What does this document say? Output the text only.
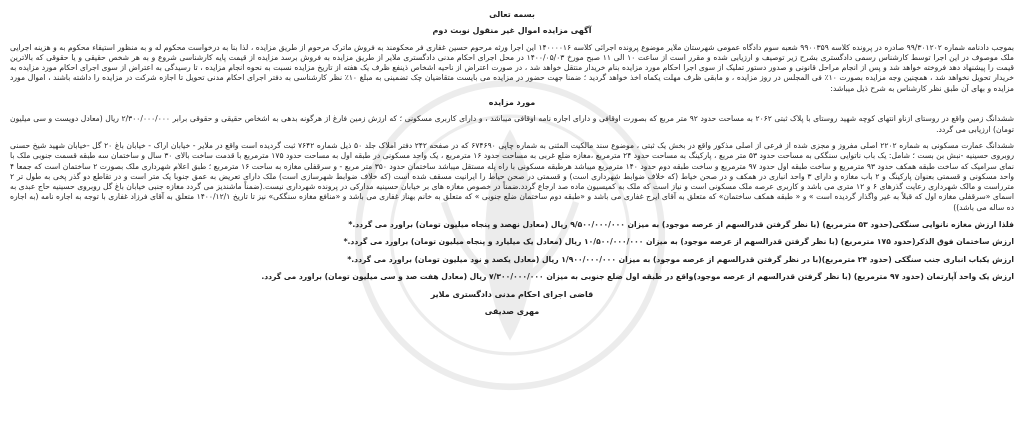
بسمه تعالی
آگهی مزایده اموال غیر منقول نوبت دوم
بموجب دادنامه شماره ۹۹/۳۰۱۲۰۲ صادره در پرونده کلاسه ۹۹۰۰۳۵۹ شعبه سوم دادگاه عمومی شهرستان ملایر موضوع پرونده اجرائی کلاسه ۱۴۰۰۰۰۱۶ این اجرا ورثه مرحوم حسین غفاری فر محکومند به فروش ماترک مرحوم از طریق مزایده ، لذا بنا به درخواست محکوم له و به منظور استیفاء محکوم به و هزینه اجرایی ملک موصوف در این اجرا توسط کارشناس رسمی دادگستری بشرح زیر توصیف و ارزیابی شده و مقرر است از ساعت ۱۰ الی ۱۱ صبح مورخ ۱۴۰۰/۰۵/۰۳ در محل اجرای احکام مدنی دادگستری ملایر از طریق مزایده به فروش برسد مزایده از قیمت پایه کارشناسی شروع و به هر شخص حقیقی و یا حقوقی که بالاترین قیمت را پیشنهاد دهد فروخته خواهد شد و پس از انجام مراحل قانونی و صدور دستور تملیک از سوی اجرا احکام مورد مزایده بنام خریدار منتقل خواهد شد ، در صورت اعتراض از ناحیه اشخاص ذینفع ظرف یک هفته از تاریخ مزایده نسبت به نحوه انجام مزایده ، تا رسیدگی به اعتراض از سوی اجرای احکام مورد مزایده به خریدار تحویل نخواهد شد ، همچنین وجه مزایده بصورت ۱۰٪ فی المجلس در روز مزایده ، و مابقی ظرف مهلت یکماه اخذ خواهد گردید ؛ ضمنا جهت حضور در مزایده می بایست متقاضیان چک تضمینی به مبلغ ۱۰٪ نظر کارشناسی به دفتر اجرای احکام مدنی تحویل تا اجازه شرکت در مزایده را داشته باشند ، اموال مورد مزایده و بهای آن طبق نظر کارشناس به شرح ذیل میباشد:
مورد مزایده
ششدانگ زمین واقع در روستای ازناو انتهای کوچه شهید روستای با پلاک ثبتی ۲۰۶۲ به مساحت حدود ۹۲ متر مربع که بصورت اوقافی و دارای اجاره نامه اوقافی میباشد ، و دارای کاربری مسکونی ؛ که ارزش زمین فارغ از هرگونه بدهی به اشخاص حقیقی و حقوقی برابر ۲/۳۰۰/۰۰۰/۰۰۰ ریال (معادل دویست و سی میلیون تومان) ارزیابی می گردد.
ششدانگ عمارت مسکونی به شماره ۲۲۰۲ اصلی مفروز و مجزی شده از فرعی از اصلی مذکور واقع در بخش یک ثبتی ، موضوع سند مالکیت المثنی به شماره چاپی ۶۷۴۶۹۰ که در صفحه ۲۴۲ دفتر املاک جلد ۵۰ ذیل شماره ۷۶۴۲ ثبت گردیده است واقع در ملایر - خیابان اراک - خیابان باغ ۲۰ گل -خیابان شهید شیخ حسنی روبروی حسینیه -نبش بن بست ؛ شامل: یک باب ناتوایی سنگکی به مساحت حدود ۵۳ متر مربع ، پارکینگ به مساحت حدود ۲۴ مترمربع ،مغازه ضلع غربی به مساحت حدود ۱۶ مترمربع ، یک واحد مسکونی در طبقه اول به مساحت حدود ۱۷۵ مترمربع با قدمت ساخت بالای ۳۰ سال و ساختمان سه طبقه قسمت جنوبی ملک با نمای سرامیک که ساخت طبقه همکف حدود ۹۳ مترمربع و ساخت طبقه اول حدود ۹۷ مترمربع و ساخت طبقه دوم حدود ۱۴۰ مترمربع میباشد هرطبقه مسکونی با راه پله مستقل میباشد ساختمان حدود ۳۵۰ متر مربع - و سرقفلی مغازه به ساحت ۱۶ مترمربع ؛ طبق اعلام شهرداری ملک بصورت ۲ ساختمان است که جمعا ۴ واحد مسکونی و قسمتی بعنوان پارکینگ و ۲ باب مغازه و دارای ۳ واحد انباری در همکف و در صحن خیاط (که خلاف ضوابط شهرداری است) و قسمتی در صحن حیاط را ایرانیت مسقف شده است (که خلاف ضوابط شهرسازی است) ملک دارای تعریض به عمق جنوبا یک متر است و در تقاطع دو گذر پخی به طول تر ۲ مترراست و مالک شهرداری رعایت گذرهای ۶ و ۱۲ متری می باشد و کاربری عرصه ملک مسکونی است و نیاز است که ملک به کمیسیون ماده صد ارجاع گردد.ضمناً در خصوص مغازه های بر خیابان حسینیه مدارکی در پرونده شهرداری نیست.(ضمناً ماشندیز می گردد مغازه جنبی خیابان باغ گل روبروی حسینیه حاج عبدی به اسمای «سرقفلی مغازه اول که قبلاً به غیر واگذار گردیده است » و « طبقه همکف ساختمان» که متعلق به آقای ایرج غفاری می باشد و «طبقه دوم ساختمان ضلع جنوبی » که متعلق به خانم بهناز غفاری می باشد و «منافع مغازه سنگکی» نیز تا تاریخ ۱۴۰۰/۱۲/۱ متعلق به آقای فرزاد غفاری با توجه به اجاره نامه (به اجاره ده ساله می باشد))
فلذا ارزش مغازه نانوایی سنگکی(حدود ۵۳ مترمربع) (با نظر گرفتن قدرالسهم از عرصه موجود) به میزان ۹/۵۰۰/۰۰۰/۰۰۰ ریال (معادل نهصد و پنجاه میلیون تومان) براورد می گردد.*
ارزش ساختمان فوق الذکر(حدود ۱۷۵ مترمربع) (با نظر گرفتن قدرالسهم از عرصه موجود) به میزان ۱۰/۵۰۰/۰۰۰/۰۰۰ ریال (معادل یک میلیارد و پنجاه میلیون تومان) براورد می گردد.*
ارزش یکباب انباری جنب سنگکی (حدود ۲۴ مترمربع)(با در نظر گرفتن قدرالسهم از عرصه موجود) به میزان ۱/۹۰۰/۰۰۰/۰۰۰ ریال (معادل یکصد و نود میلیون تومان) براورد می گردد.*
ارزش یک واحد آپارتمان (حدود ۹۷ مترمربع) (با نظر گرفتن قدرالسهم از عرصه موجود)واقع در طبقه اول ضلع جنوبی به میزان ۷/۳۰۰/۰۰۰/۰۰۰ ریال (معادل هفت صد و سی میلیون تومان) براورد می گردد.
قاضی اجرای احکام مدنی دادگستری ملایر
مهری صدیقی
